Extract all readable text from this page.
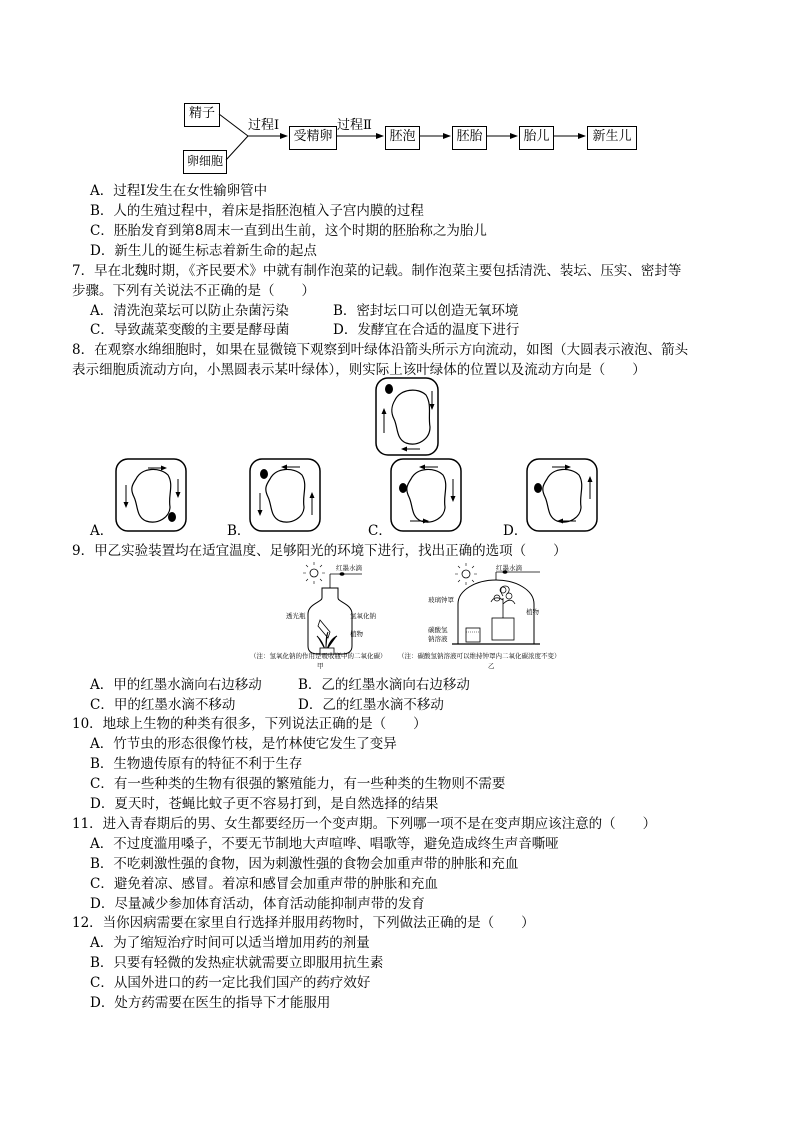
精子
卵细胞
过程Ⅰ
受精卵
过程Ⅱ
胚泡	胚胎	胎儿	新生儿
A．过程Ⅰ发生在女性输卵管中
B．人的生殖过程中，着床是指胚泡植入子宫内膜的过程
C．胚胎发育到第8周末一直到出生前，这个时期的胚胎称之为胎儿
D．新生儿的诞生标志着新生命的起点
7．早在北魏时期，《齐民要术》中就有制作泡菜的记载。制作泡菜主要包括清洗、装坛、压实、密封等
步骤。下列有关说法不正确的是（　　）
A．清洗泡菜坛可以防止杂菌污染	B．密封坛口可以创造无氧环境
C．导致蔬菜变酸的主要是酵母菌	D．发酵宜在合适的温度下进行
8．在观察水绵细胞时，如果在显微镜下观察到叶绿体沿箭头所示方向流动，如图（大圆表示液泡、箭头
表示细胞质流动方向，小黑圆表示某叶绿体），则实际上该叶绿体的位置以及流动方向是（　　）
A．	B．	C．	D．
9．甲乙实验装置均在适宜温度、足够阳光的环境下进行，找出正确的选项（　　）
红墨水滴
透光瓶	氢氧化钠
植物
红墨水滴
玻璃钟罩
植物
碳酸氢
钠溶液
（注：氢氧化钠的作用是吸收瓶中的二氧化碳） （注：碳酸氢钠溶液可以维持钟罩内二氧化碳浓度不变）
甲	乙
A．甲的红墨水滴向右边移动	B．乙的红墨水滴向右边移动
C．甲的红墨水滴不移动	D．乙的红墨水滴不移动
10．地球上生物的种类有很多，下列说法正确的是（　　）
A．竹节虫的形态很像竹枝，是竹林使它发生了变异
B．生物遗传原有的特征不利于生存
C．有一些种类的生物有很强的繁殖能力，有一些种类的生物则不需要
D．夏天时，苍蝇比蚊子更不容易打到，是自然选择的结果
11．进入青春期后的男、女生都要经历一个变声期。下列哪一项不是在变声期应该注意的（　　）
A．不过度滥用嗓子，不要无节制地大声喧哗、唱歌等，避免造成终生声音嘶哑
B．不吃刺激性强的食物，因为刺激性强的食物会加重声带的肿胀和充血
C．避免着凉、感冒。着凉和感冒会加重声带的肿胀和充血
D．尽量减少参加体育活动，体育活动能抑制声带的发育
12．当你因病需要在家里自行选择并服用药物时，下列做法正确的是（　　）
A．为了缩短治疗时间可以适当增加用药的剂量
B．只要有轻微的发热症状就需要立即服用抗生素
C．从国外进口的药一定比我们国产的药疗效好
D．处方药需要在医生的指导下才能服用
